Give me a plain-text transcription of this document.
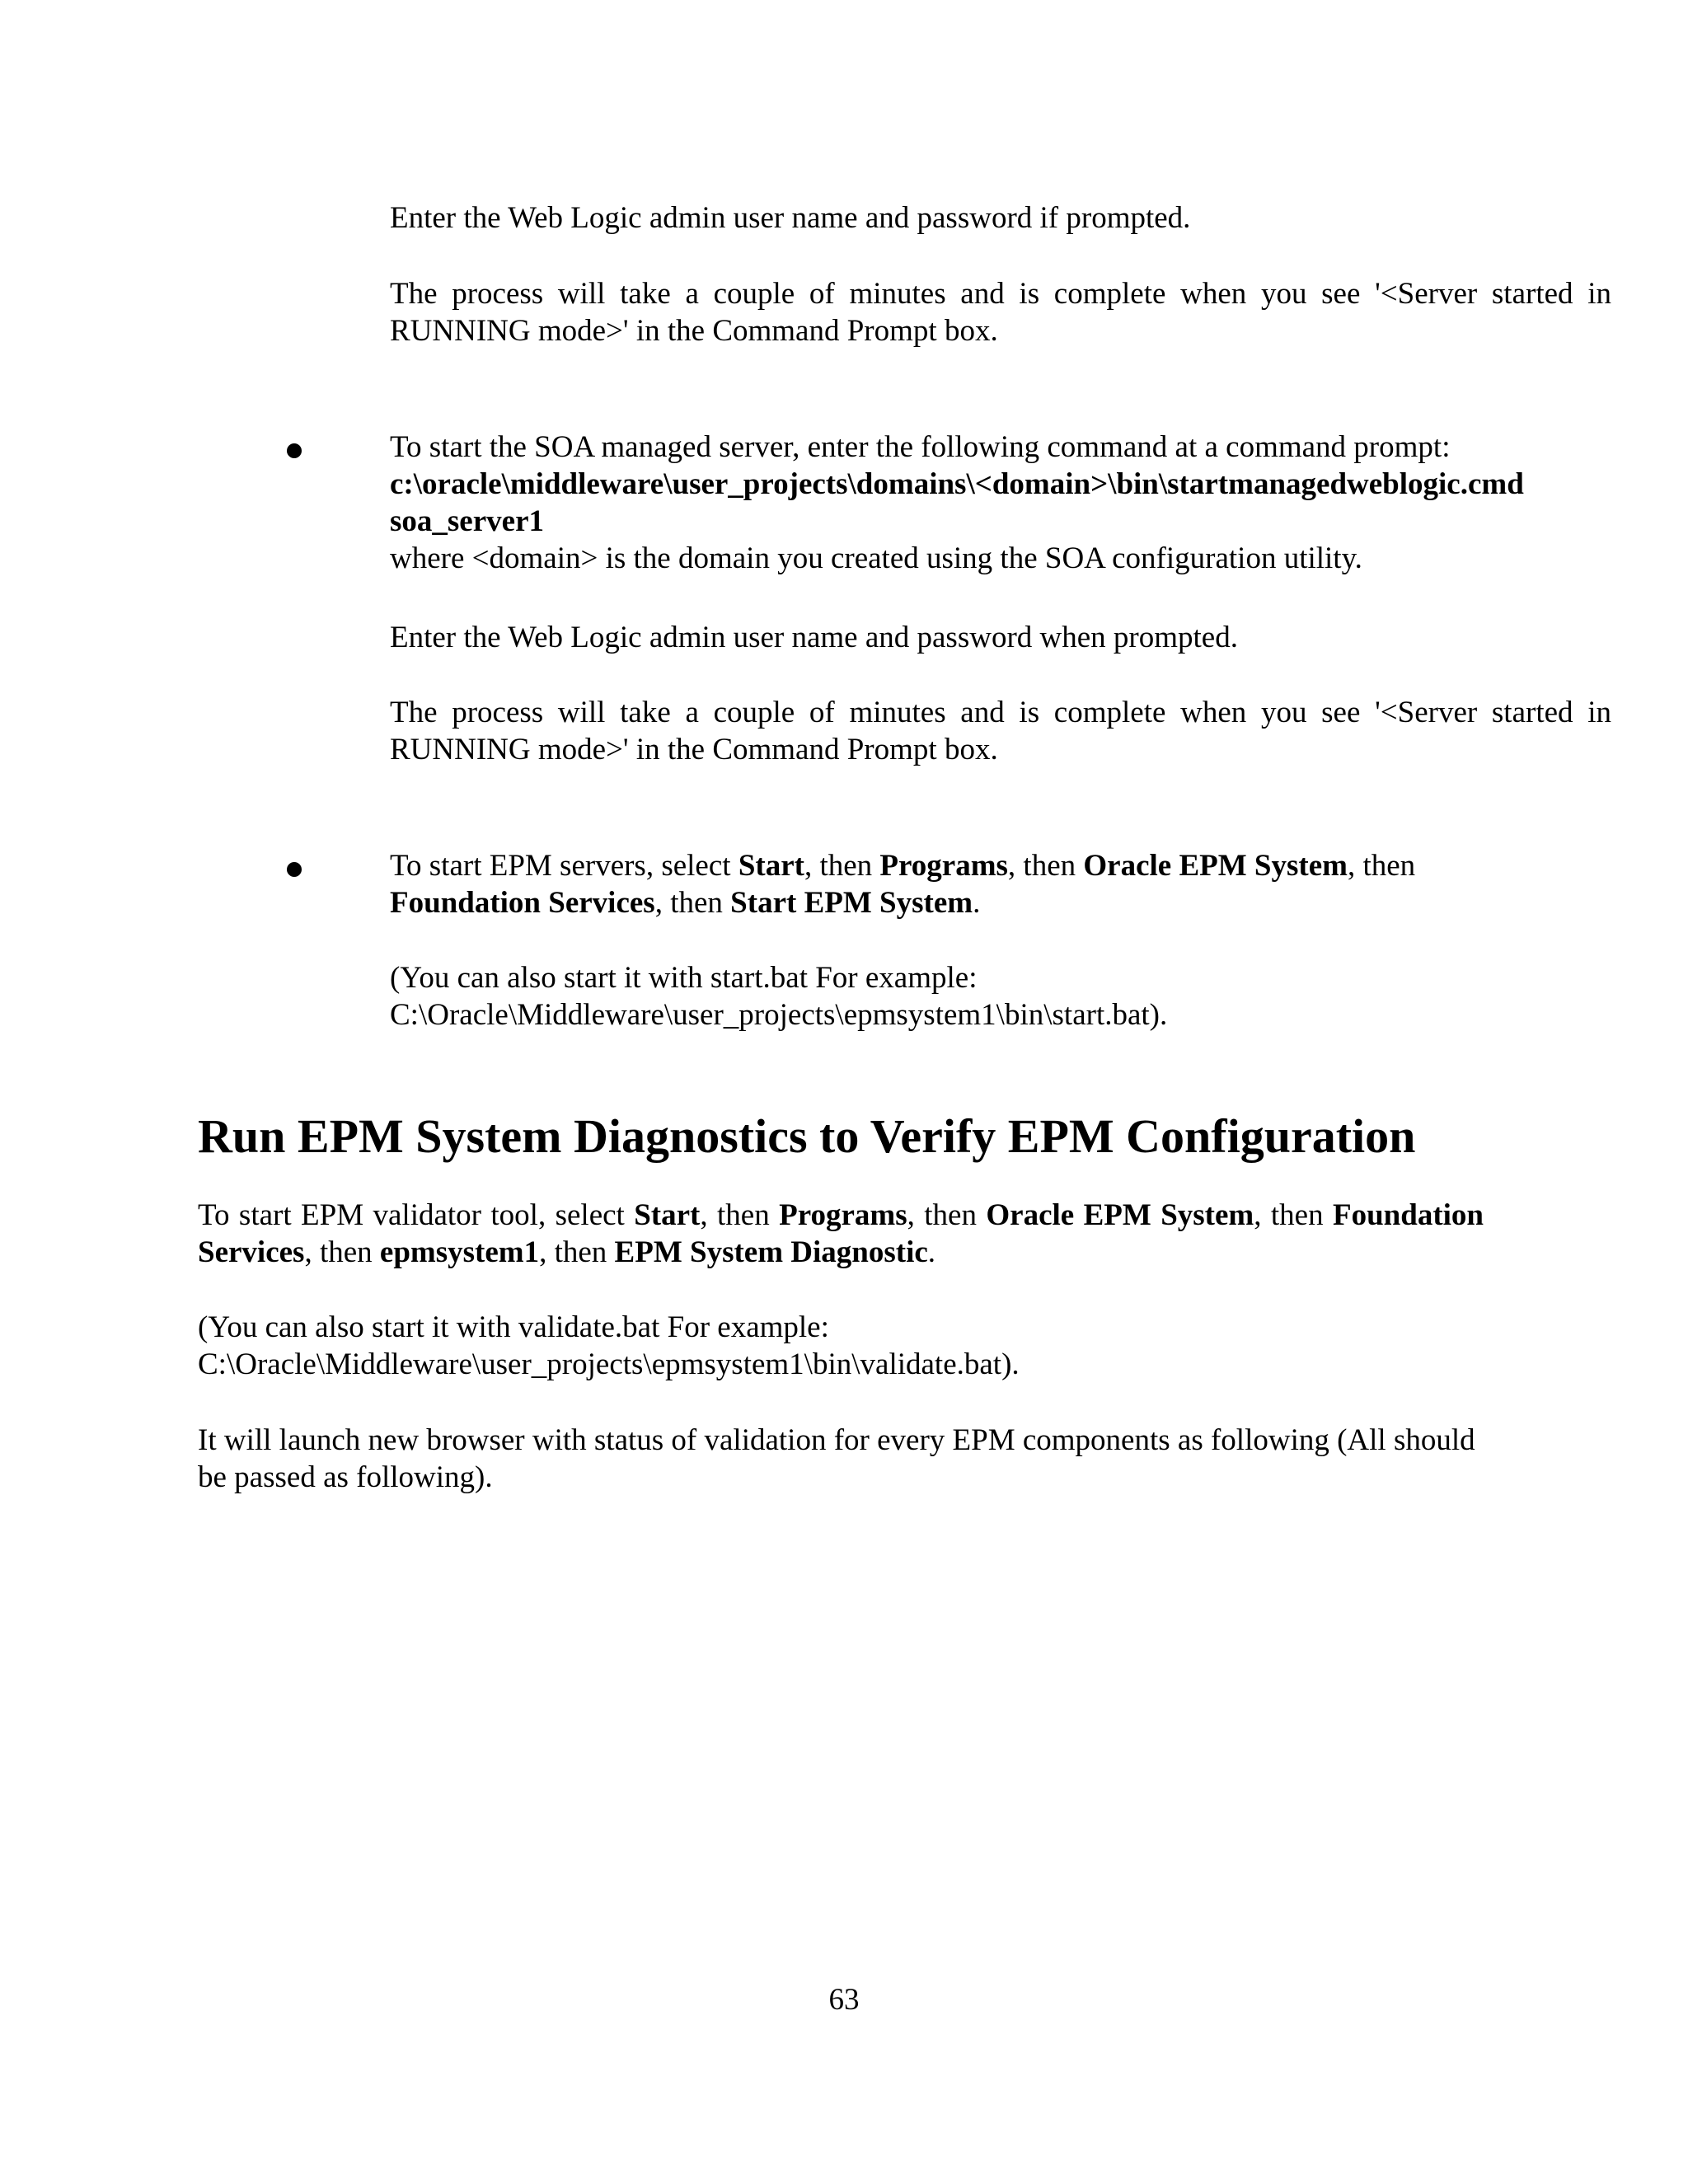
Enter the Web Logic admin user name and password if prompted.

The process will take a couple of minutes and is complete when you see '<Server started in RUNNING mode>' in the Command Prompt box.

To start the SOA managed server, enter the following command at a command prompt:

c:\oracle\middleware\user_projects\domains\<domain>\bin\startmanagedweblogic.cmd soa_server1

where <domain> is the domain you created using the SOA configuration utility.

Enter the Web Logic admin user name and password when prompted.

The process will take a couple of minutes and is complete when you see '<Server started in RUNNING mode>' in the Command Prompt box.

To start EPM servers, select Start, then Programs, then Oracle EPM System, then
Foundation Services, then Start EPM System.

(You can also start it with start.bat For example:

C:\Oracle\Middleware\user_projects\epmsystem1\bin\start.bat).

Run EPM System Diagnostics to Verify EPM Configuration

To start EPM validator tool, select Start, then Programs, then Oracle EPM System, then Foundation Services, then epmsystem1, then EPM System Diagnostic.

(You can also start it with validate.bat For example:

C:\Oracle\Middleware\user_projects\epmsystem1\bin\validate.bat).

It will launch new browser with status of validation for every EPM components as following (All should be passed as following).

63
